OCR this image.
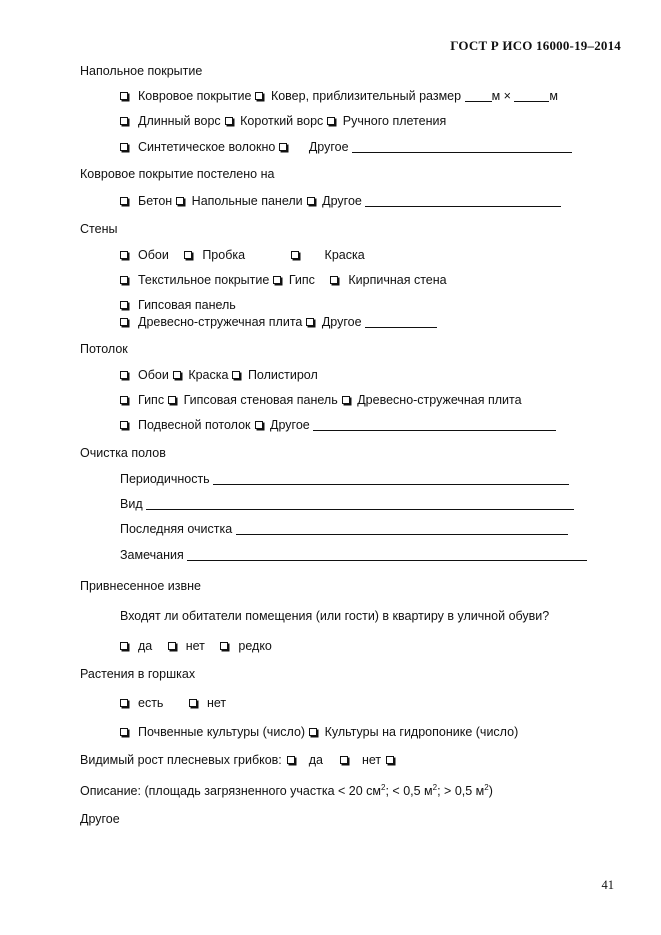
ГОСТ Р ИСО 16000-19–2014
Напольное покрытие
Ковровое покрытие Ковер, приблизительный размер м ×	м
Длинный ворс Короткий ворс Ручного плетения
Синтетическое волокно	Другое
Ковровое покрытие постелено на
Бетон Напольные панели Другое
Стены
Обои	Пробка	Краска
Текстильное покрытие Гипс	Кирпичная стена
Гипсовая панель
Древесно-стружечная плита Другое
Потолок
Обои Краска Полистирол
Гипс Гипсовая стеновая панель Древесно-стружечная плита
Подвесной потолок Другое
Очистка полов
Периодичность
Вид
Последняя очистка
Замечания
Привнесенное извне
Входят ли обитатели помещения (или гости) в квартиру в уличной обуви?
да	нет	редко
Растения в горшках
есть	нет
Почвенные культуры (число) Культуры на гидропонике (число)
Видимый рост плесневых грибков: да	нет
Описание: (площадь загрязненного участка < 20 $см^2$; < 0,5 $м^2$; > 0,5 $м^2$)
Другое
41
